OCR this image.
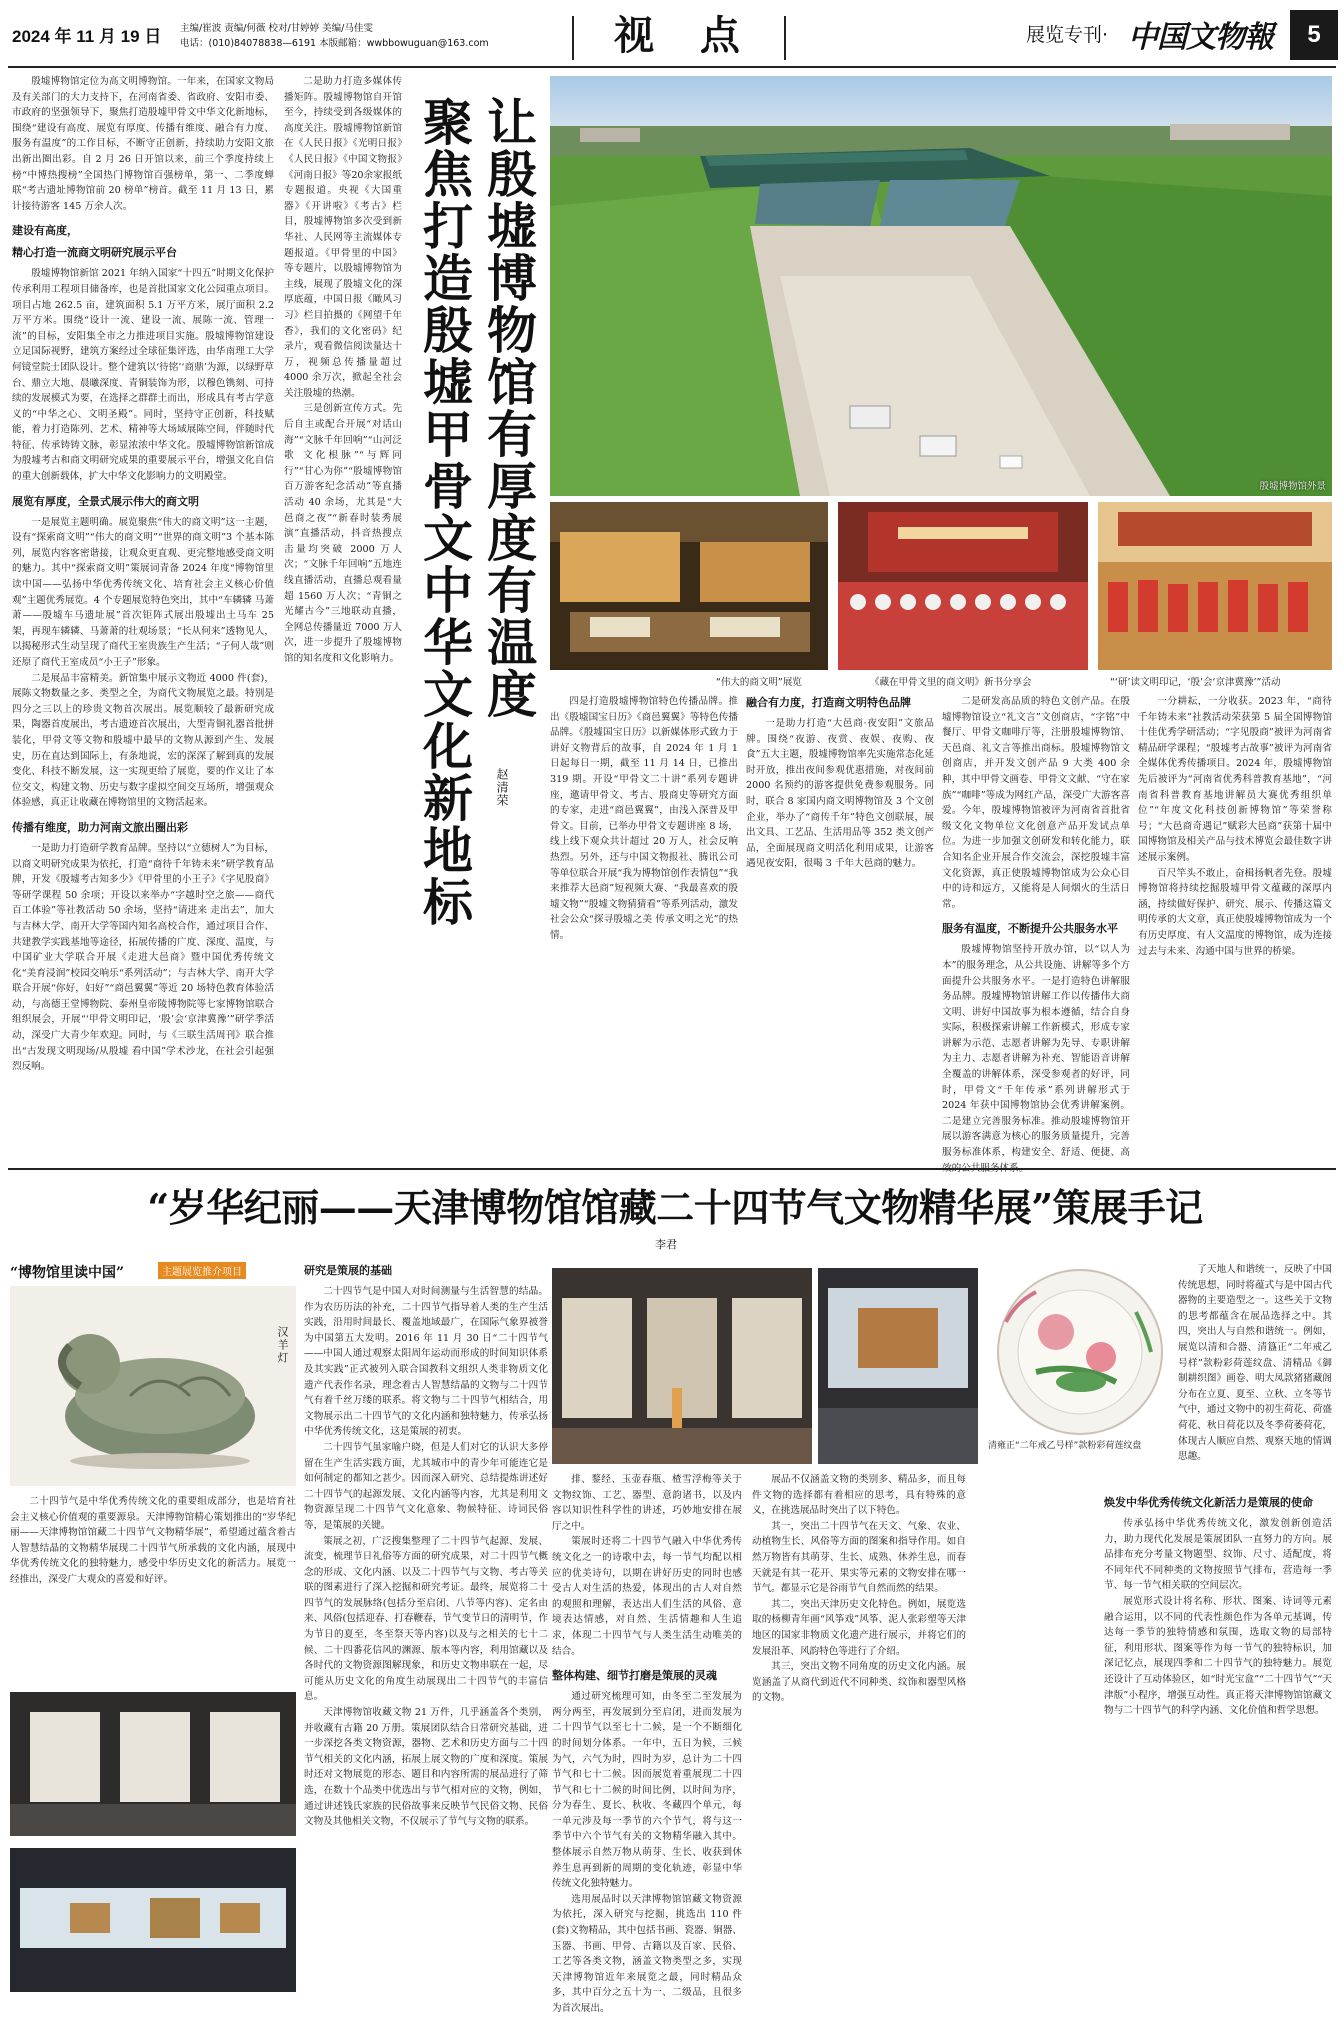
2024 年 11 月 19 日 主编/崔波 责编/何薇 校对/甘婷婷 美编/马佳雯
电话：(010)84078838—6191 本版邮箱：wwbbowuguan@163.com	视  点	展览专刊· 中国文物報	5

殷墟博物馆定位为高文明博物馆。一年来，在国家文物局及有关部门的大力支持下，在河南省委、省政府、安阳市委、市政府的坚强领导下，聚焦打造殷墟甲骨文中华文化新地标，围绕“建设有高度、展览有厚度、传播有维度、融合有力度、服务有温度”的工作目标，不断守正创新，持续助力安阳文旅出新出圈出彩。自 2 月 26 日开馆以来，前三个季度持续上榜“中博热搜榜”全国热门博物馆百强榜单，第一、二季度蝉联“考古遗址博物馆前 20 榜单”榜首。截至 11 月 13 日，累计接待游客 145 万余人次。

建设有高度，

精心打造一流商文明研究展示平台

殷墟博物馆新馆 2021 年纳入国家“十四五”时期文化保护传承利用工程项目储备库，也是首批国家文化公园重点项目。项目占地 262.5 亩，建筑面积 5.1 万平方米，展厅面积 2.2 万平方米。围绕“设计一流、建设一流、展陈一流、管理一流”的目标，安阳集全市之力推进项目实施。殷墟博物馆建设立足国际视野，建筑方案经过全球征集评选，由华南理工大学何镜堂院士团队设计。整个建筑以‘待铭’‘商鼎’为源，以绿野草台、鼎立大地、晨曦深度、青铜装饰为形，以穆色镌刻、可持续的发展模式为要，在选择之群群土而出，形成具有考古学意义的“中华之心、文明圣殿”。同时，坚持守正创新，科技赋能，着力打造陈列、艺术、精神等大场域展陈空间，伴随时代特征、传承铸铸文脉，彰显浓浓中华文化。殷墟博物馆新馆成为殷墟考古和商文明研究成果的重要展示平台，增强文化自信的重大创新载体，扩大中华文化影响力的文明殿堂。

展览有厚度，全景式展示伟大的商文明

一是展览主题明确。展览聚焦“伟大的商文明”这一主题，设有“探索商文明”“伟大的商文明”“世界的商文明”3 个基本陈列，展览内容客密谐接，让观众更直观、更完整地感受商文明的魅力。其中“探索商文明”策展词青备 2024 年度“博物馆里读中国——弘扬中华优秀传统文化、培育社会主义核心价值观”主题优秀展览。4 个专题展览特色突出，其中“车辚辚 马萧萧——殷墟车马遗址展”首次钜阵式展出殷墟出土马车 25 架，再现车辚辚、马萧萧的壮观场景；“长从何来”透物见人，以揭秘形式生动呈现了商代王室贵族生产生活；“子何人哉”则还原了商代王室成员“小王子”形象。

二是展品丰富精美。新馆集中展示文物近 4000 件(套)，展陈文物数量之多、类型之全，为商代文物展览之最。特别是四分之三以上的珍贵文物首次展出。展览顺较了最新研究成果，陶器首度展出，考古遗迹首次展出，大型青铜礼器首批拼装化，甲骨文等文物和殷墟中最早的文物从源到产生、发展史，历在直达到国际上，有条地说，宏的深深了解到真的发展变化、科技不断发展，这一实现更给了展览，要的作义让了本位交文，构建文物、历史与数字虚拟空间交互场所，增强观众体验感，真正让收藏在博物馆里的文物活起来。

传播有维度，助力河南文旅出圈出彩

一是助力打造研学教育品牌。坚持以“立德树人”为目标，以商文明研究成果为依托，打造“商待千年铸未来”研学教育品牌，开发《殷墟考古知多少》《甲骨里的小王子》《字见股商》等研学课程 50 余项；开设以来举办“字越时空之旅——商代百工体验”等社教活动 50 余场，坚持“请进来 走出去”，加大与吉林大学、南开大学等国内知名高校合作，通过项目合作、共建教学实践基地等途径，拓展传播的广度、深度、温度，与中国矿业大学联合开展《走进大邑商》暨中国优秀传统文化“美育浸润”校园交响乐“系列活动”；与吉林大学、南开大学联合开展“你好，妇好”“商邑翼翼”等近 20 场特色教育体验活动，与高德王堂博物院、泰州皇帝陵博物院等七家博物馆联合组织展会，开展“‘甲骨文明印记，‘殷’会‘京津冀豫’”研学季活动，深受广大青少年欢迎。同时，与《三联生活周刊》联合推出“古发现文明现场/从殷墟 看中国”学术沙龙，在社会引起强烈反响。

二是助力打造多媒体传播矩阵。殷墟博物馆自开馆至今，持续受到各级媒体的高度关注。殷墟博物馆新馆在《人民日报》《光明日报》《人民日报》《中国文物报》《河南日报》等20余家报纸专题报道。央视《大国重器》《开讲啦》《考古》栏目，殷墟博物馆多次受到新华社、人民网等主流媒体专题报道。《甲骨里的中国》等专题片，以殷墟博物馆为主线，展现了殷墟文化的深厚底蕴，中国日报《瞰风习习》栏目拍摄的《网望千年香》，我们的文化密码》纪录片，观看微信阅读量达十万，视频总传播量超过 4000 余万次，掀起全社会关注殷墟的热潮。

三是创新宣传方式。先后自主或配合开展“对话山海”“文脉千年回响”“山河泛歌 文化根脉”“与辉同行”“甘心为你”“殷墟博物馆百万游客纪念活动”等直播活动 40 余场，尤其是“大邑商之夜”“新春时装秀展演”直播活动，抖音热搜点击量均突破 2000 万人次；“文脉千年回响”五地连线直播活动，直播总观看量超 1560 万人次；“青铜之光耀古今”三地联动直播，全网总传播量近 7000 万人次，进一步提升了殷墟博物馆的知名度和文化影响力。 让殷墟博物馆有厚度有温度
聚焦打造殷墟甲骨文中华文化新地标 赵清荣
殷墟博物馆外景
“伟大的商文明”展览	《藏在甲骨文里的商文明》新书分享会	“‘研’读文明印记，‘殷’会‘京津冀豫’”活动

四是打造殷墟博物馆特色传播品牌。推出《殷墟国宝日历》《商邑翼翼》等特色传播品牌。《殷墟国宝日历》以新媒体形式致力于讲好文物背后的故事，自 2024 年 1 月 1 日起每日一期，截至 11 月 14 日，已推出 319 期。开设“甲骨文二十讲”系列专题讲座，邀请甲骨文、考古、殷商史等研究方面的专家，走进“商邑翼翼”，由浅入深普及甲骨文。目前，已举办甲骨文专题讲座 8 场，线上线下观众共计超过 20 万人，社会反响热烈。另外，还与中国文物报社、腾讯公司等单位联合开展“我为博物馆创作表情包”“我来推荐大邑商”短视频大赛、“我最喜欢的殷墟文物”“殷墟文物猜猜看”等系列活动，激发社会公众“探寻殷墟之美 传承文明之光”的热情。

融合有力度，打造商文明特色品牌

一是助力打造“大邑商·夜安阳”文旅品牌。围绕“夜游、夜赏、夜娱、夜购、夜食”五大主题，殷墟博物馆率先实施常态化延时开放，推出夜间参观优惠措施，对夜间前 2000 名预约的游客提供免费参观服务。同时，联合 8 家国内商文明博物馆及 3 个文创企业，举办了“商传千年”特色文创联展，展出文具、工艺品、生活用品等 352 类文创产品，全面展现商文明活化利用成果，让游客遇见夜安阳，很喝 3 千年大邑商的魅力。

二是研发高品质的特色文创产品。在殷墟博物馆设立“礼文言”文创商店，“字铭”中餐厅、甲骨文咖啡厅等，注册殷墟博物馆、天邑商、礼文言等推出商标。殷墟博物馆文创商店，并开发文创产品 9 大类 400 余种，其中甲骨文画卷、甲骨文文献、“守在家族”“咖啡”等成为网红产品，深受广大游客喜爱。今年，殷墟博物馆被评为河南省首批省级文化文物单位文化创意产品开发试点单位。为进一步加强文创研发和转化能力，联合知名企业开展合作交流会，深挖殷墟丰富文化资源，真正使殷墟博物馆成为公众心目中的诗和远方，又能将是人间烟火的生活日常。

服务有温度，不断提升公共服务水平

殷墟博物馆坚持开放办馆，以“以人为本”的服务理念，从公共设施、讲解等多个方面提升公共服务水平。一是打造特色讲解服务品牌。殷墟博物馆讲解工作以传播伟大商文明、讲好中国故事为根本遵循，结合自身实际，积极探索讲解工作新模式，形成专家讲解为示范、志愿者讲解为先导、专职讲解为主力、志愿者讲解为补充、智能语音讲解全覆盖的讲解体系，深受参观者的好评，同时，甲骨文“千年传承”系列讲解形式于 2024 年获中国博物馆协会优秀讲解案例。二是建立完善服务标准。推动殷墟博物馆开展以游客满意为核心的服务质量提升，完善服务标准体系，构建安全、舒适、便捷、高

一分耕耘，一分收获。2023 年，“商待千年铸未来”社教活动荣获第 5 届全国博物馆十佳优秀学研活动；“字见殷商”被评为河南省精品研学课程；“殷墟考古故事”被评为河南省全媒体优秀传播项目。2024 年，殷墟博物馆先后被评为“河南省优秀科普教育基地”，“河南省科普教育基地讲解员大赛优秀组织单位”“年度文化科技创新博物馆”等荣誉称号；“大邑商奇遇记”赋彩大邑商”获第十届中国博物馆及相关产品与技术博览会最佳数字讲述展示案例。

百尺竿头不敢止，奋楫扬帆者先登。殷墟博物馆将持续挖掘殷墟甲骨文蕴藏的深厚内涵，持续做好保护、研究、展示、传播这篇文明传承的大文章，真正使殷墟博物馆成为一个有历史厚度、有人文温度的博物馆，成为连接过去与未来、沟通中国与世界的桥梁。

“岁华纪丽——天津博物馆馆藏二十四节气文物精华展”策展手记
李君
“博物馆里读中国”	主题展览推介项目
汉羊灯

二十四节气是中华优秀传统文化的重要组成部分，也是培育社会主义核心价值观的重要源泉。天津博物馆精心策划推出的“岁华纪丽——天津博物馆馆藏二十四节气文物精华展”，希望通过蕴含着古人智慧结晶的文物精华展现二十四节气所承载的文化内涵，展现中华优秀传统文化的独特魅力，感受中华历史文化的新活力。展览一经推出，深受广大观众的喜爱和好评。

研究是策展的基础

二十四节气是中国人对时间测量与生活智慧的结晶。作为农历历法的补充，二十四节气指导着人类的生产生活实践，沿用时间最长、覆盖地域最广，在国际气象界被誉为中国第五大发明。2016 年 11 月 30 日“二十四节气——中国人通过观察太阳周年运动而形成的时间知识体系及其实践”正式被列入联合国教科文组织人类非物质文化遗产代表作名录，理念着古人智慧结晶的文物与二十四节气有着千丝万缕的联系。将文物与二十四节气相结合，用文物展示出二十四节气的文化内涵和独特魅力，传承弘扬中华优秀传统文化，这是策展的初衷。

二十四节气虽家喻户晓，但是人们对它的认识大多停留在生产生活实践方面，尤其城市中的青少年可能连它是如何制定的都知之甚少。因而深入研究、总结提炼讲述好二十四节气的起源发展、文化内涵等内容，尤其是利用文物资源呈现二十四节气文化意象、物候特征、诗词民俗等，是策展的关键。

策展之初，广泛搜集整理了二十四节气起源、发展、流变，梳理节日礼俗等方面的研究成果，对二十四节气概念的形成、文化内涵、以及二十四节气与文物、考古等关联的图素进行了深入挖掘和研究考证。最终，展览将二十四节气的发展脉络(包括分至启闭、八节等内容)、定名由来、风俗(包括迎春、打春鞭春，节气变节日的清明节，作为节日的夏至，冬至祭天等内容)以及与之相关的七十二候、二十四番花信风的渊源、版本等内容，利用馆藏以及各时代的文物资源图解现象，和历史文物串联在一起，尽可能从历史文化的角度生动展现出二十四节气的丰富信息。

天津博物馆收藏文物 21 万件，几乎涵盖各个类别，并收藏有古籍 20 万册。策展团队结合日常研究基础，进一步深挖各类文物资源，器物、艺术和历史方面与二十四节气相关的文化内涵，拓展上展文物的广度和深度。策展时还对文物展览的形态、题目和内容所需的展品进行了筛选，在数十个品类中优选出与节气相对应的文物，例如，通过讲述钱氏家族的民俗故事来反映节气民俗文物、民俗文物及其他相关文物，不仅展示了节气与文物的联系。

清雍正“二年戒乙号样”款粉彩荷莲纹盘

了天地人和谐统一，反映了中国传统思想，同时将蕴式与是中国古代器物的主要造型之一。这些关于文物的思考都蕴含在展品选择之中。其四，突出人与自然和谐统一。例如，展览以清和合器、清簋正“二年戒乙号样”款粉彩荷莲纹盘、清精品《御制耕织图》画卷、明大凤款猪猪藏阁分布在立夏、夏至、立秋、立冬等节气中，通过文物中的初生荷花、荷盛荷花、秋日荷花以及冬季荷萎荷花，体现古人顺应自然、观察天地的情调思趣。

排、鍪经、玉壶春瓶、楂雪浮梅等关于文物纹饰、工艺、器型、意韵诸书，以及内容以知识性科学性的讲述，巧妙地安排在展厅之中。

策展时还将二十四节气融入中华优秀传统文化之一的诗歌中去，每一节气均配以相应的优美诗句，以期在讲好历史的同时也感受古人对生活的热爱，体现出的古人对自然的观照和理解，表达出人们生活的风俗、意境表达情感，对自然、生活情趣和人生追求，体现二十四节气与人类生活生动唯美的结合。

整体构建、细节打磨是策展的灵魂

通过研究梳理可知，由冬至二至发展为两分两至，再发展到分至启闭，进而发展为二十四节气以至七十二候，是一个不断细化的时间划分体系。一年中，五日为候，三候为气，六气为时，四时为岁，总计为二十四节气和七十二候。因而展览着重展现二十四节气和七十二候的时间比例，以时间为序，分为春生、夏长、秋收、冬藏四个单元，每一单元涉及每一季节的六个节气，将与这一季节中六个节气有关的文物精华融入其中。整体展示自然万物从萌芽、生长、收获到休养生息再到新的周期的变化轨迹，彰显中华传统文化独特魅力。

选用展品时以天津博物馆馆藏文物资源为依托，深入研究与挖掘，挑选出 110 件(套)文物精品，其中包括书画、瓷器、铜器、玉器、书画、甲骨、古籍以及百家、民俗、工艺等各类文物，涵盖文物类型之多，实现天津博物馆近年来展览之最，同时精品众多，其中百分之五十为一、二级品，且很多为首次展出。

展品不仅涵盖文物的类别多、精品多，而且每件文物的选择都有着相应的思考，具有特殊的意义，在挑选展品时突出了以下特色。

其一，突出二十四节气在天文、气象、农业、动植物生长、风俗等方面的图案和指导作用。如自然万物皆有其萌芽、生长、成熟、休养生息，而春天就是有其一花开、果实等元素的文物安排在哪一节气。都显示它是谷雨节气自然而然的结果。

其二，突出天津历史文化特色。例如，展览选取的杨柳青年画“风筝戏”风筝、泥人张彩塑等天津地区的国家非物质文化遗产进行展示，并将它们的发展沿革、风韵特色等进行了介绍。

其三，突出文物不同角度的历史文化内涵。展览涵盖了从商代到近代不同种类、纹饰和器型风格的文物。

焕发中华优秀传统文化新活力是策展的使命

传承弘扬中华优秀传统文化，激发创新创造活力，助力现代化发展是策展团队一直努力的方向。展品排布充分考量文物题型、纹饰、尺寸、适配度，将不同年代不同种类的文物按照节气排布，营造每一季节、每一节气相关联的空间层次。

展览形式设计将名称、形状、图案、诗词等元素融合运用，以不同的代表性颜色作为各单元基调，传达每一季节的独特情感和氛围，选取文物的局部特征，利用形状、图案等作为每一节气的独特标识，加深记忆点，展现四季和二十四节气的独特魅力。展览还设计了互动体验区，如“时光宝盒”“二十四节气”“天津版”小程序，增强互动性。真正将天津博物馆馆藏文物与二十四节气的科学内涵、文化价值和哲学思想。
